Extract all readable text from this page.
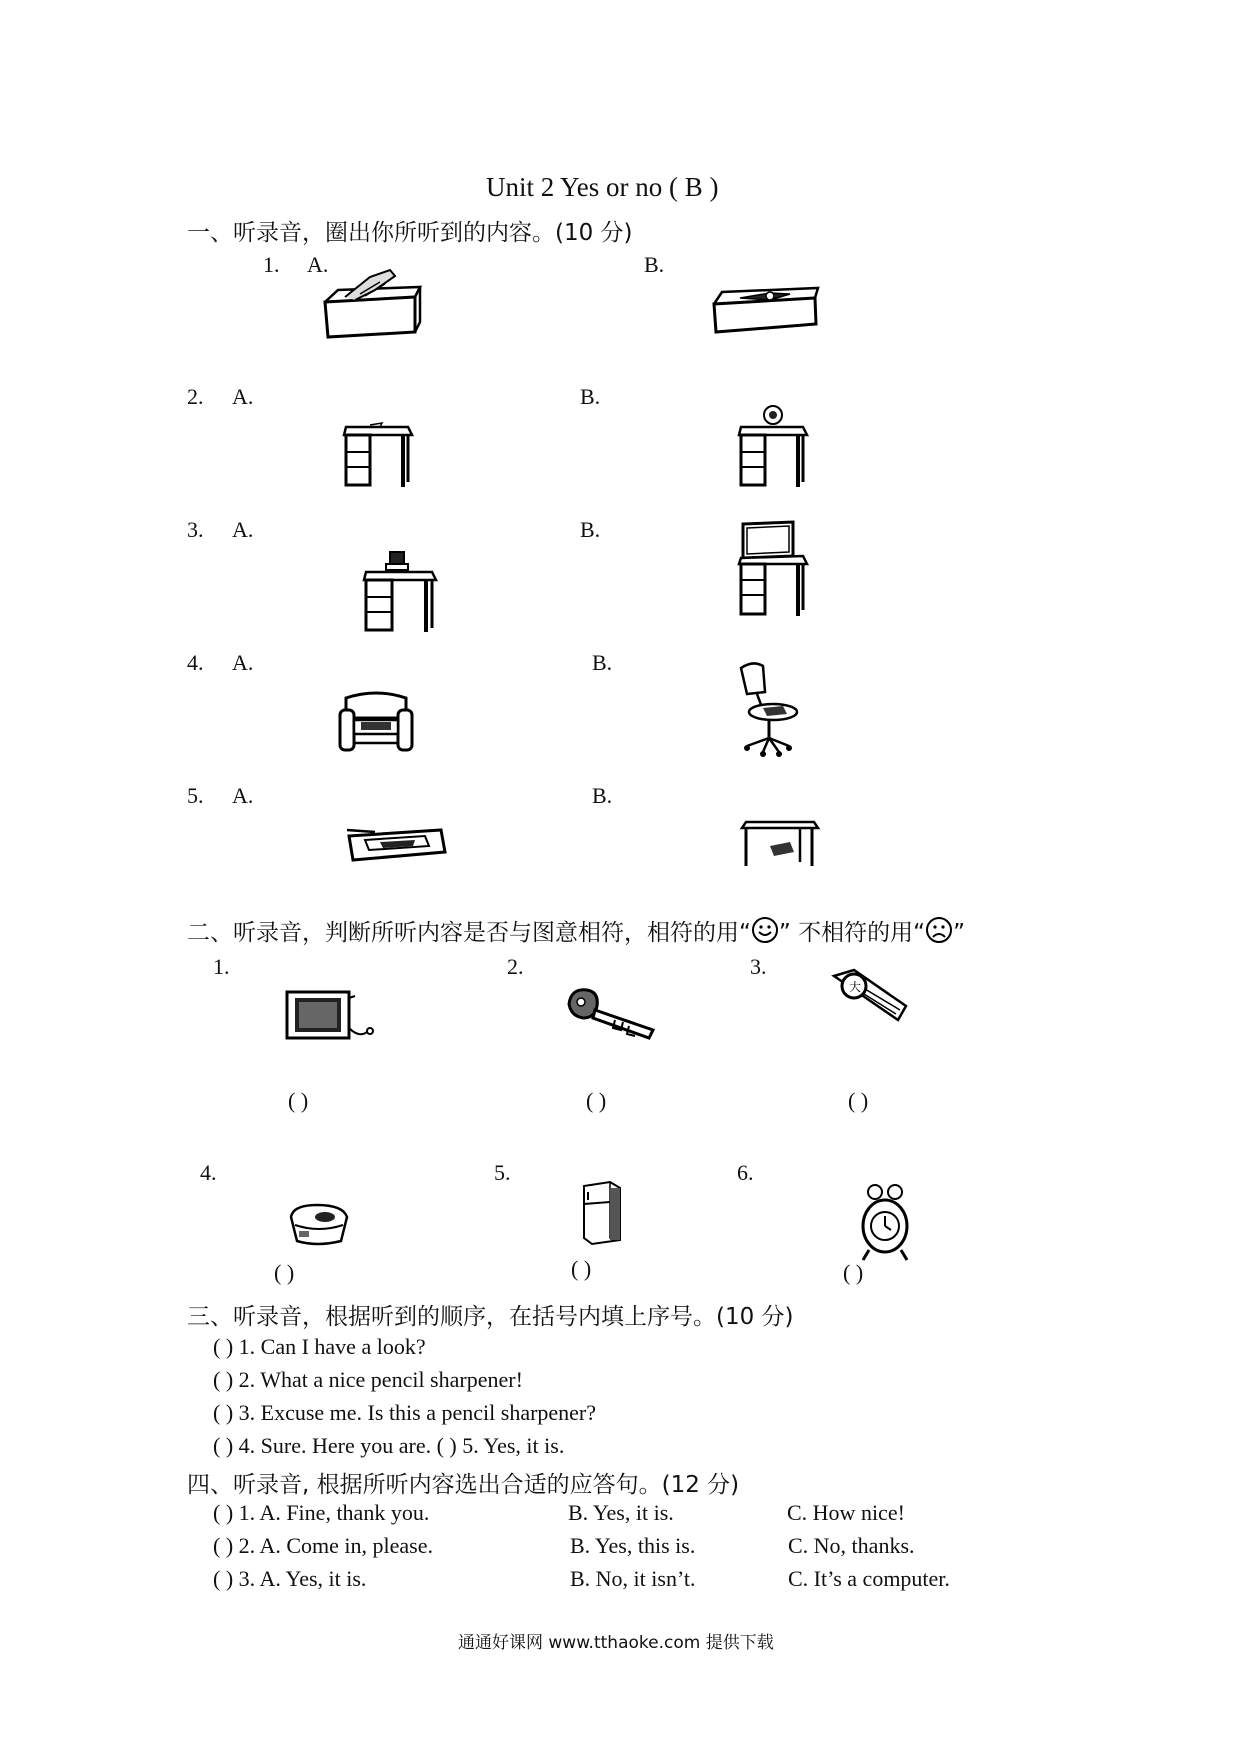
Unit 2 Yes or no ( B )
一、听录音，圈出你所听到的内容。(10 分)
1. A.	B.
2. A.	B.
3. A.	B.
4. A.	B.
5. A.	B.
二、听录音，判断所听内容是否与图意相符，相符的用“ ” 不相符的用“ ”
1.	2.	3.
4.	5.	6.
大
( )	( )	( )
( )	( )	( )
三、听录音，根据听到的顺序，在括号内填上序号。(10 分)
( ) 1. Can I have a look?
( ) 2. What a nice pencil sharpener!
( ) 3. Excuse me. Is this a pencil sharpener?
( ) 4. Sure. Here you are. ( ) 5. Yes, it is.
四、听录音, 根据所听内容选出合适的应答句。(12 分)
( ) 1. A. Fine, thank you.	B. Yes, it is.	C. How nice!
( ) 2. A. Come in, please.	B. Yes, this is.	C. No, thanks.
( ) 3. A. Yes, it is.	B. No, it isn’t.	C. It’s a computer.
通通好课网 www.tthaoke.com 提供下载
